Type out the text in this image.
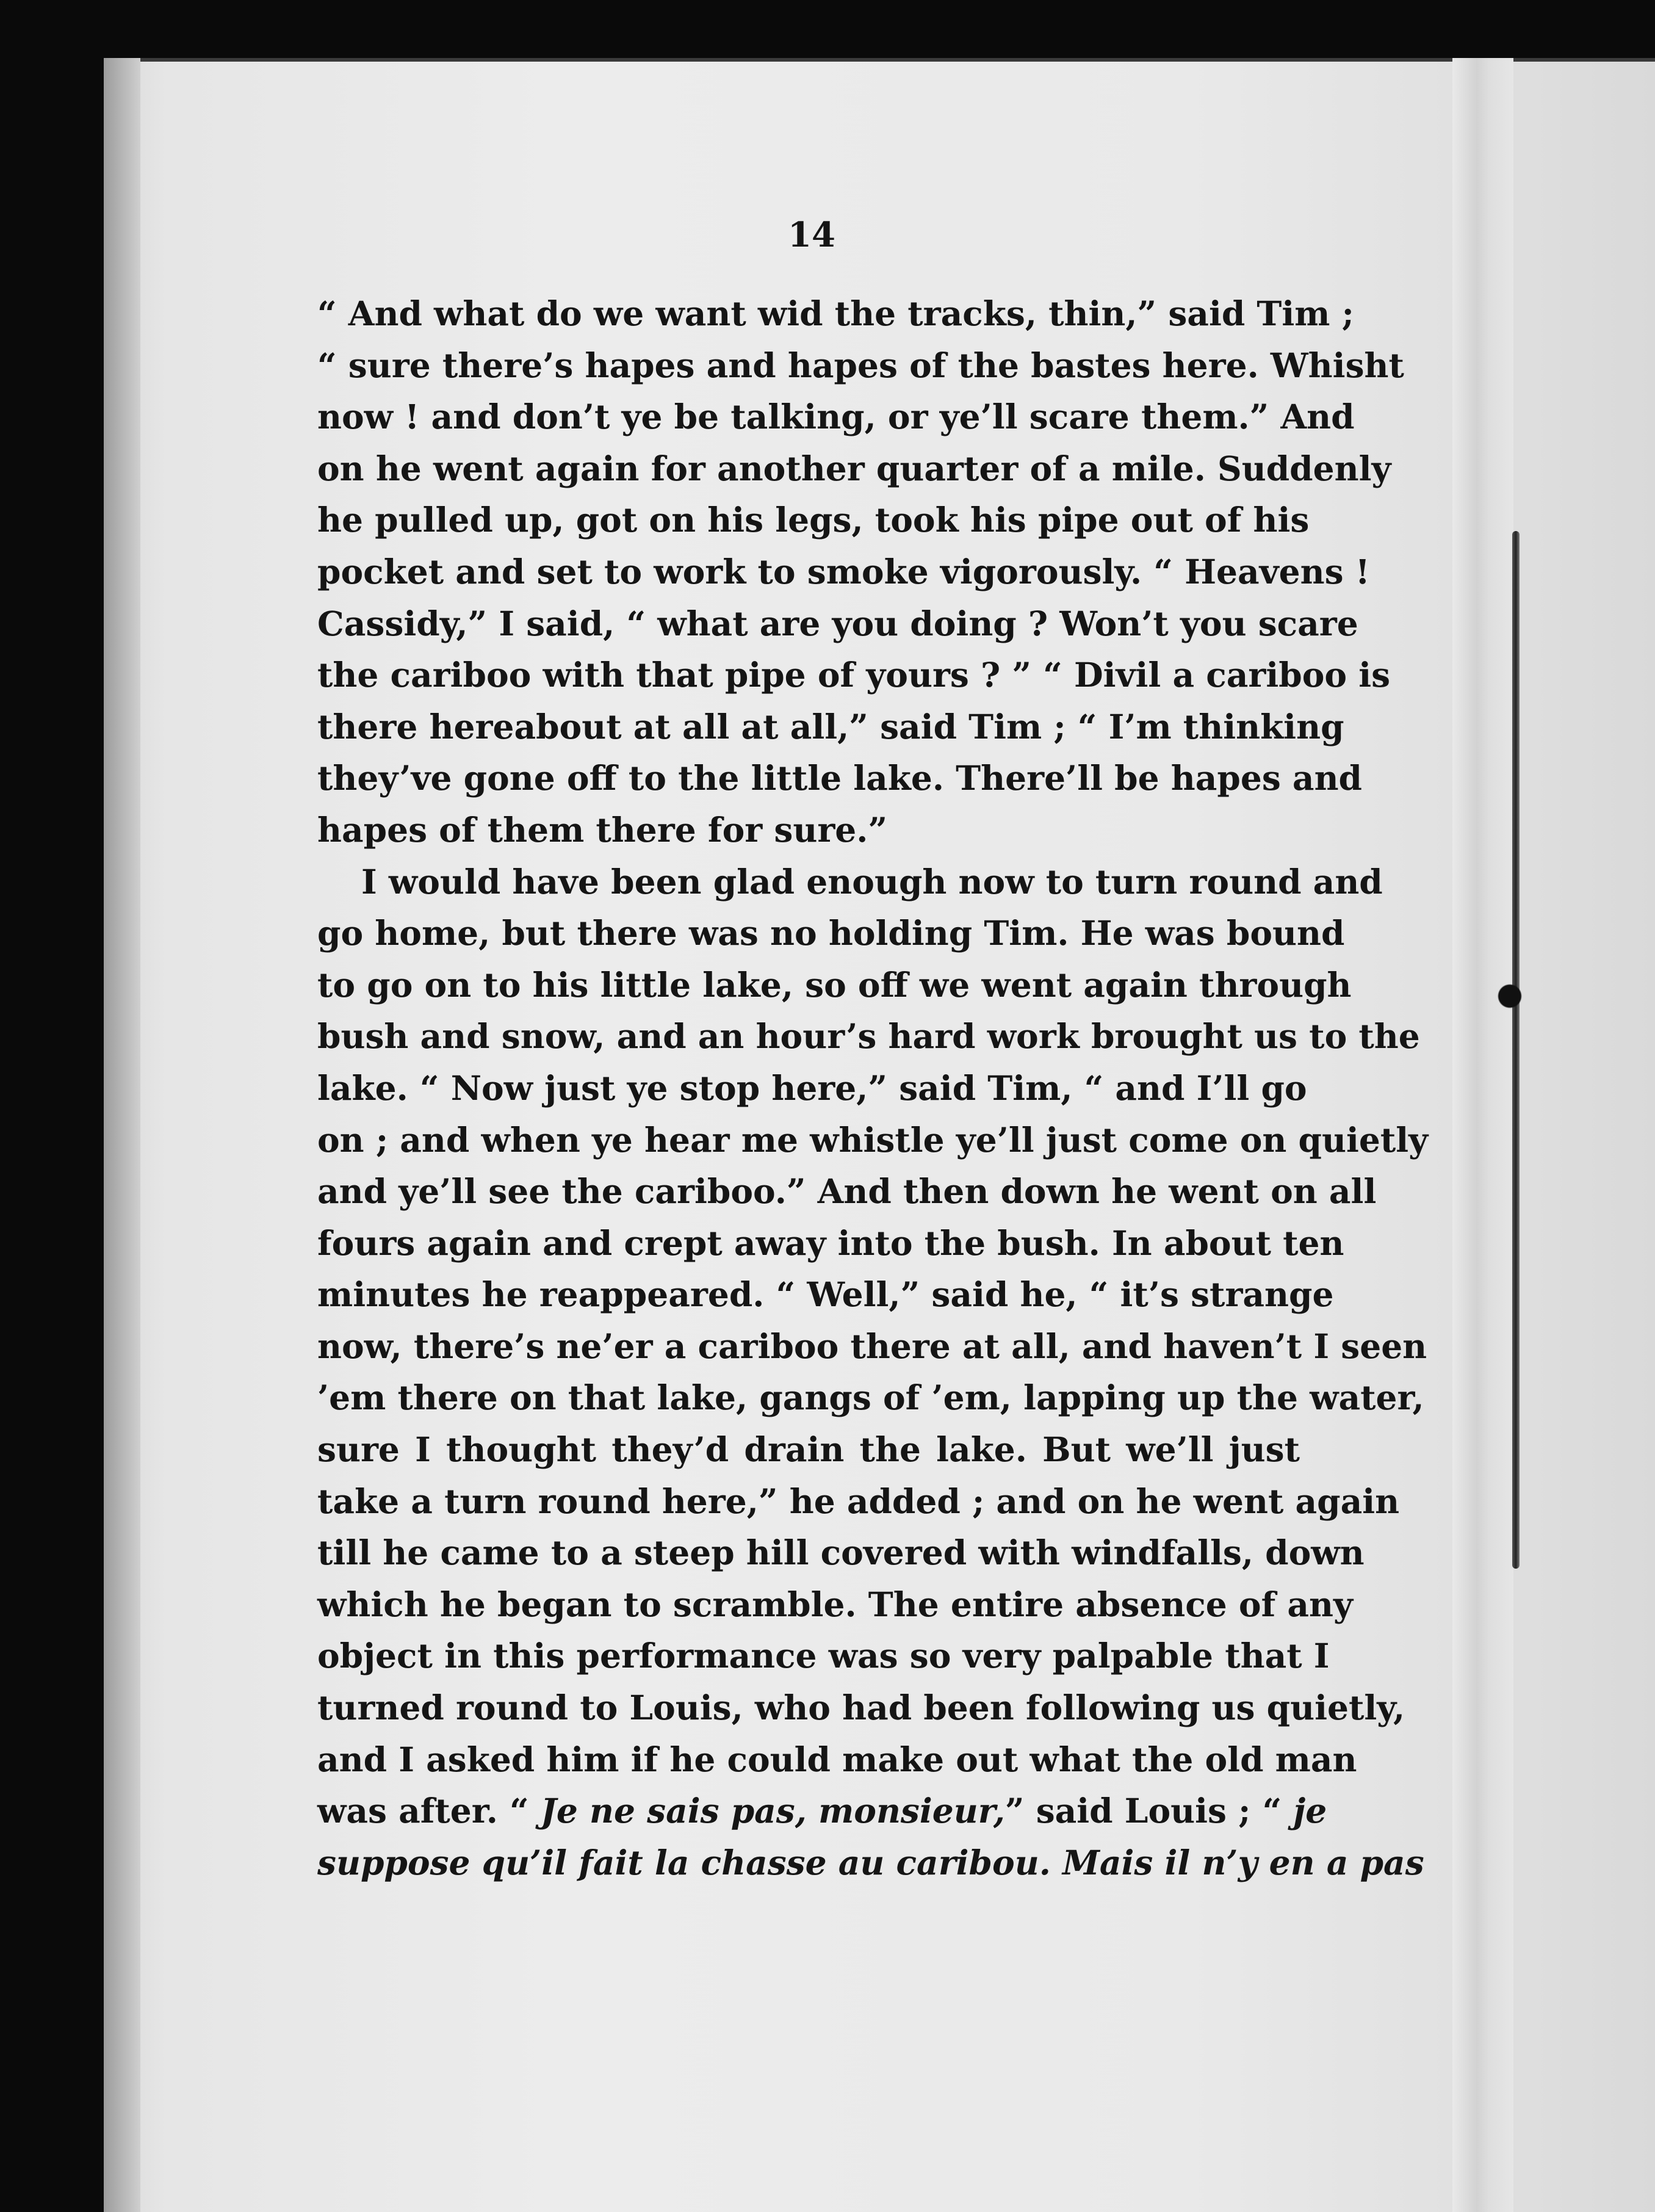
14
“ And what do we want wid the tracks, thin,” said Tim ;
“ sure there’s hapes and hapes of the bastes here. Whisht
now ! and don’t ye be talking, or ye’ll scare them.” And
on he went again for another quarter of a mile. Suddenly
he pulled up, got on his legs, took his pipe out of his
pocket and set to work to smoke vigorously. “ Heavens !
Cassidy,” I said, “ what are you doing ? Won’t you scare
the cariboo with that pipe of yours ? ” “ Divil a cariboo is
there hereabout at all at all,” said Tim ; “ I’m thinking
they’ve gone off to the little lake. There’ll be hapes and
hapes of them there for sure.”
I would have been glad enough now to turn round and
go home, but there was no holding Tim. He was bound
to go on to his little lake, so off we went again through
bush and snow, and an hour’s hard work brought us to the
lake. “ Now just ye stop here,” said Tim, “ and I’ll go
on ; and when ye hear me whistle ye’ll just come on quietly
and ye’ll see the cariboo.” And then down he went on all
fours again and crept away into the bush. In about ten
minutes he reappeared. “ Well,” said he, “ it’s strange
now, there’s ne’er a cariboo there at all, and haven’t I seen
’em there on that lake, gangs of ’em, lapping up the water,
sure I thought they’d drain the lake. But we’ll just
take a turn round here,” he added ; and on he went again
till he came to a steep hill covered with windfalls, down
which he began to scramble. The entire absence of any
object in this performance was so very palpable that I
turned round to Louis, who had been following us quietly,
and I asked him if he could make out what the old man
was after. “ Je ne sais pas, monsieur,” said Louis ; “ je
suppose qu’il fait la chasse au caribou. Mais il n’y en a pas
